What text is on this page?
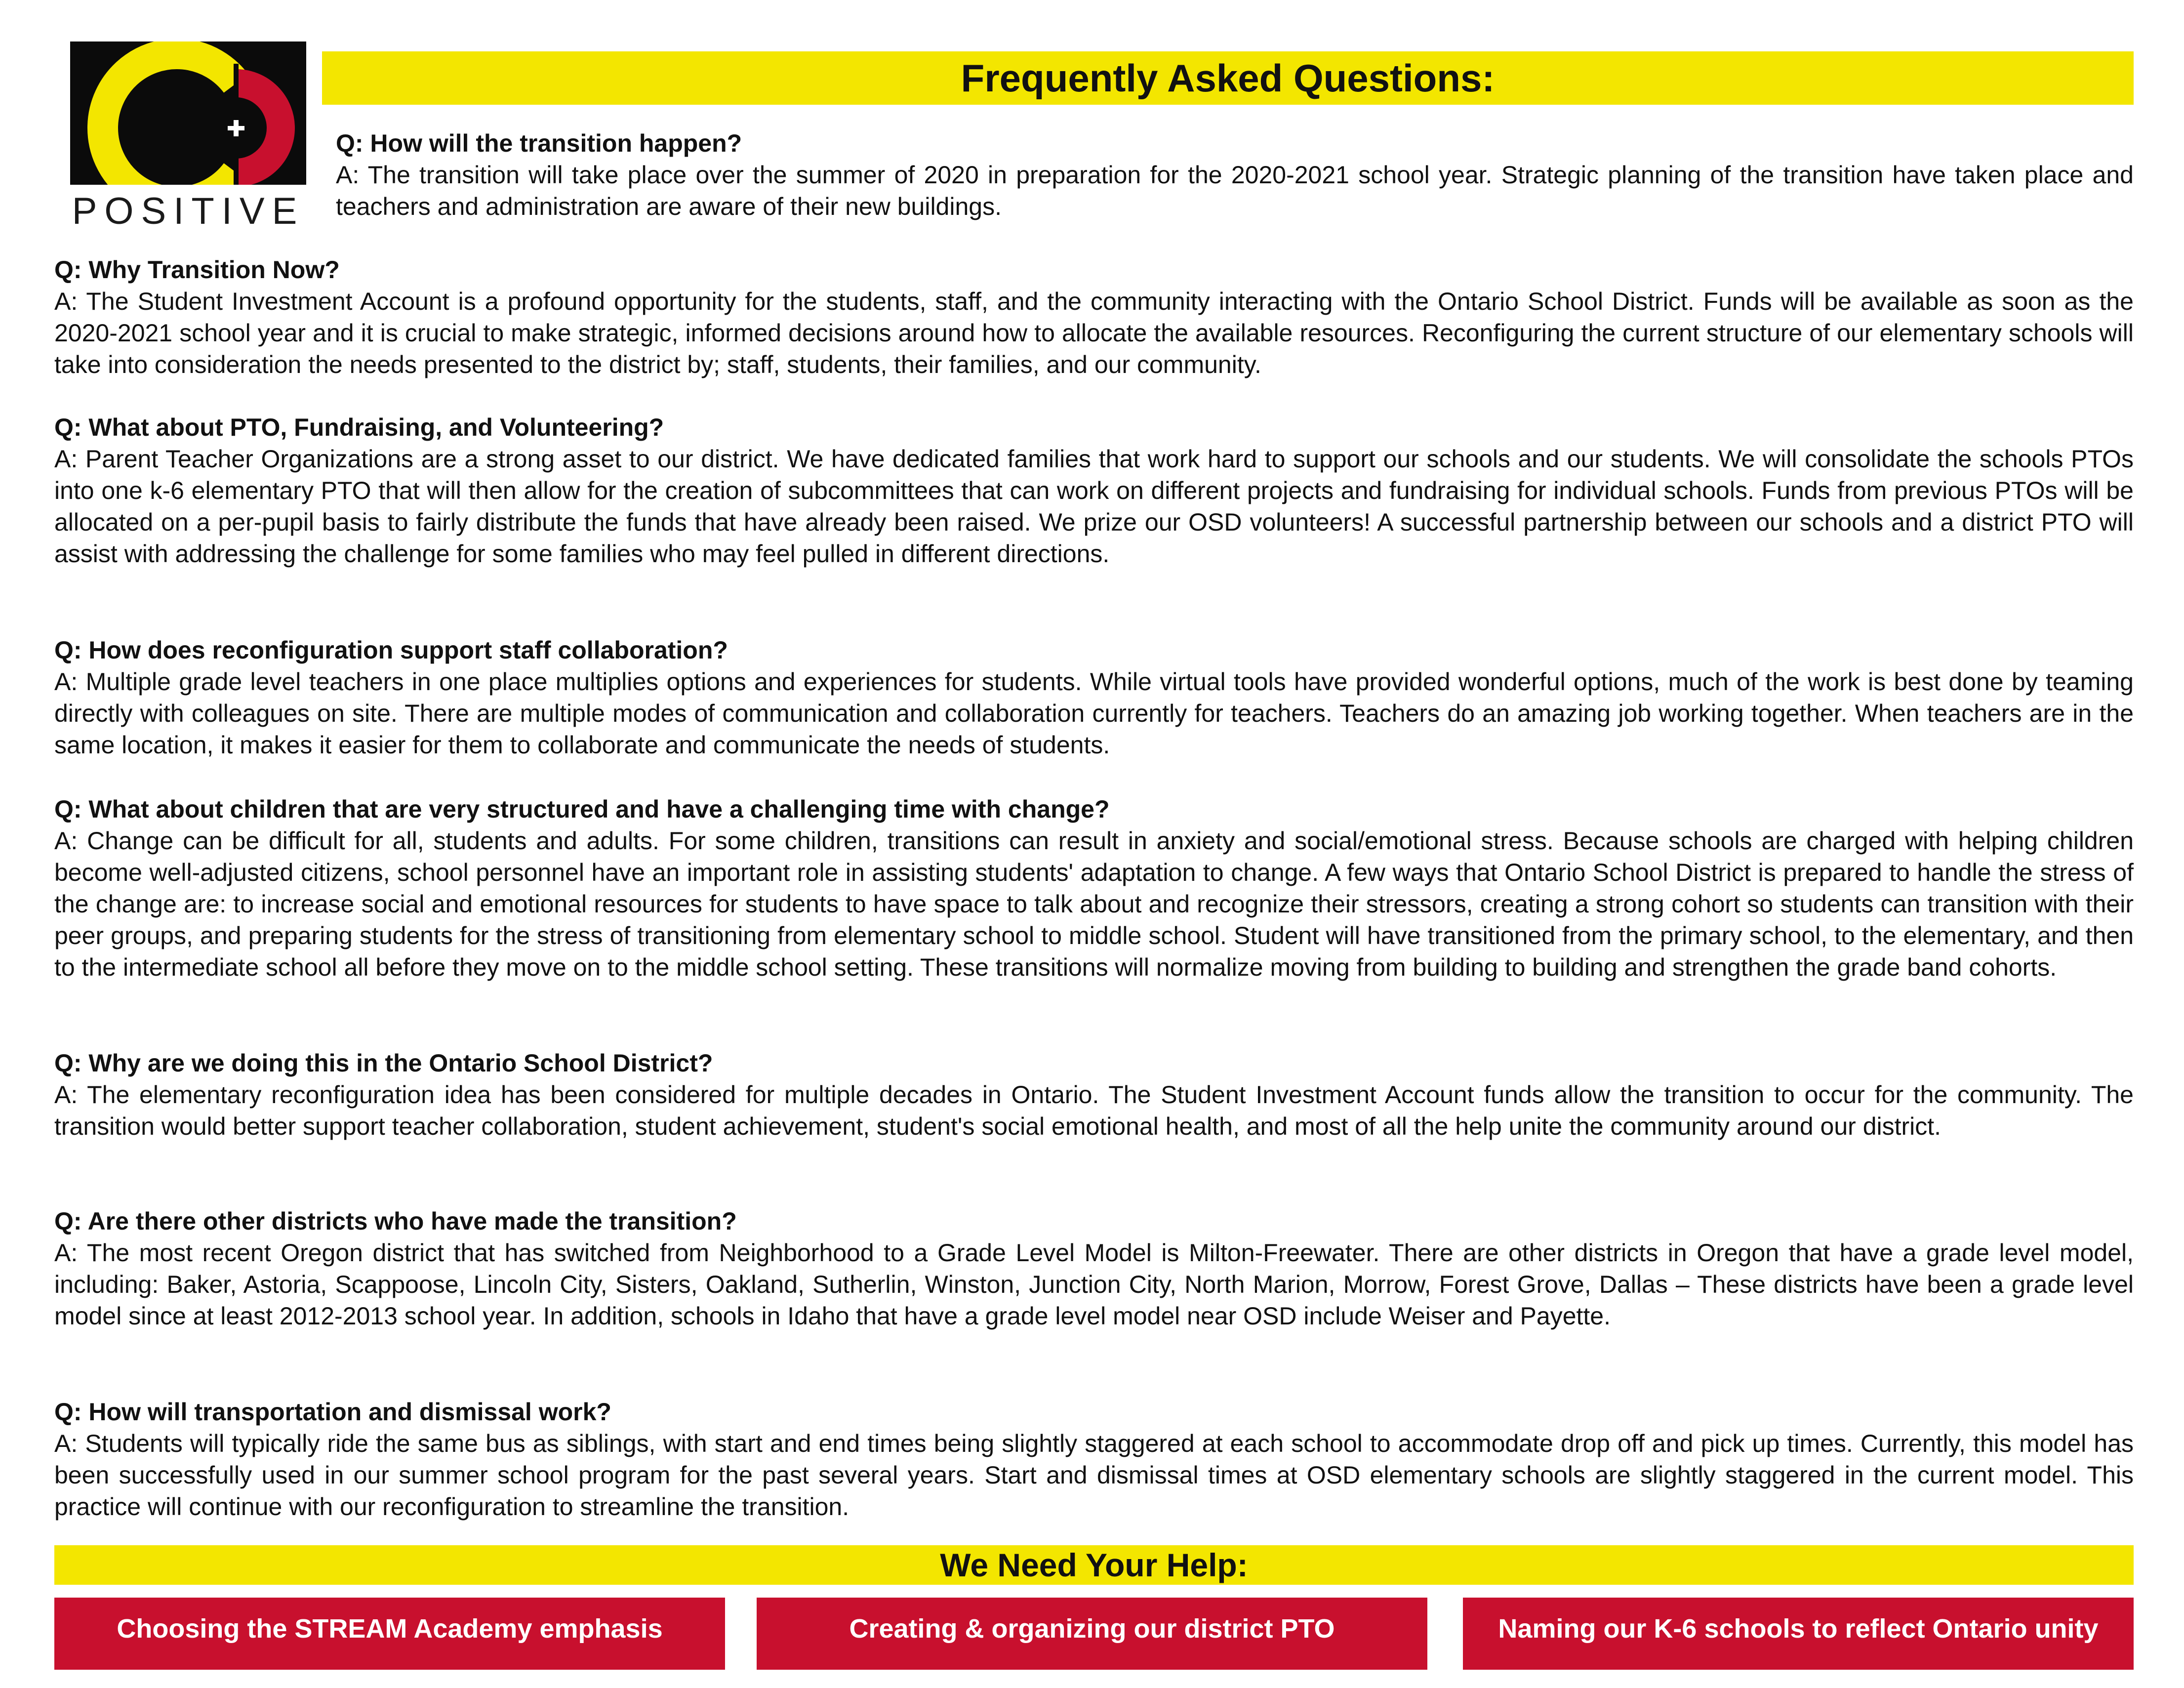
POSITIVE
Frequently Asked Questions:
Q: How will the transition happen?
A: The transition will take place over the summer of 2020 in preparation for the 2020-2021 school year. Strategic planning of the transition have taken place and teachers and administration are aware of their new buildings.
Q: Why Transition Now?
A: The Student Investment Account is a profound opportunity for the students, staff, and the community interacting with the Ontario School District. Funds will be available as soon as the 2020-2021 school year and it is crucial to make strategic, informed decisions around how to allocate the available resources. Reconfiguring the current structure of our elementary schools will take into consideration the needs presented to the district by; staff, students, their families, and our community.
Q: What about PTO, Fundraising, and Volunteering?
A: Parent Teacher Organizations are a strong asset to our district. We have dedicated families that work hard to support our schools and our students. We will consolidate the schools PTOs into one k-6 elementary PTO that will then allow for the creation of subcommittees that can work on different projects and fundraising for individual schools. Funds from previous PTOs will be allocated on a per-pupil basis to fairly distribute the funds that have already been raised. We prize our OSD volunteers! A successful partnership between our schools and a district PTO will assist with addressing the challenge for some families who may feel pulled in different directions.
Q: How does reconfiguration support staff collaboration?
A: Multiple grade level teachers in one place multiplies options and experiences for students. While virtual tools have provided wonderful options, much of the work is best done by teaming directly with colleagues on site. There are multiple modes of communication and collaboration currently for teachers. Teachers do an amazing job working together. When teachers are in the same location, it makes it easier for them to collaborate and communicate the needs of students.
Q: What about children that are very structured and have a challenging time with change?
A: Change can be difficult for all, students and adults. For some children, transitions can result in anxiety and social/emotional stress. Because schools are charged with helping children become well-adjusted citizens, school personnel have an important role in assisting students' adaptation to change. A few ways that Ontario School District is prepared to handle the stress of the change are: to increase social and emotional resources for students to have space to talk about and recognize their stressors, creating a strong cohort so students can transition with their peer groups, and preparing students for the stress of transitioning from elementary school to middle school. Student will have transitioned from the primary school, to the elementary, and then to the intermediate school all before they move on to the middle school setting. These transitions will normalize moving from building to building and strengthen the grade band cohorts.
Q: Why are we doing this in the Ontario School District?
A: The elementary reconfiguration idea has been considered for multiple decades in Ontario. The Student Investment Account funds allow the transition to occur for the community. The transition would better support teacher collaboration, student achievement, student's social emotional health, and most of all the help unite the community around our district.
Q: Are there other districts who have made the transition?
A: The most recent Oregon district that has switched from Neighborhood to a Grade Level Model is Milton-Freewater. There are other districts in Oregon that have a grade level model, including: Baker, Astoria, Scappoose, Lincoln City, Sisters, Oakland, Sutherlin, Winston, Junction City, North Marion, Morrow, Forest Grove, Dallas – These districts have been a grade level model since at least 2012-2013 school year. In addition, schools in Idaho that have a grade level model near OSD include Weiser and Payette.
Q: How will transportation and dismissal work?
A: Students will typically ride the same bus as siblings, with start and end times being slightly staggered at each school to accommodate drop off and pick up times. Currently, this model has been successfully used in our summer school program for the past several years. Start and dismissal times at OSD elementary schools are slightly staggered in the current model. This practice will continue with our reconfiguration to streamline the transition.
We Need Your Help:
Choosing the STREAM Academy emphasis	Creating & organizing our district PTO	Naming our K-6 schools to reflect Ontario unity
